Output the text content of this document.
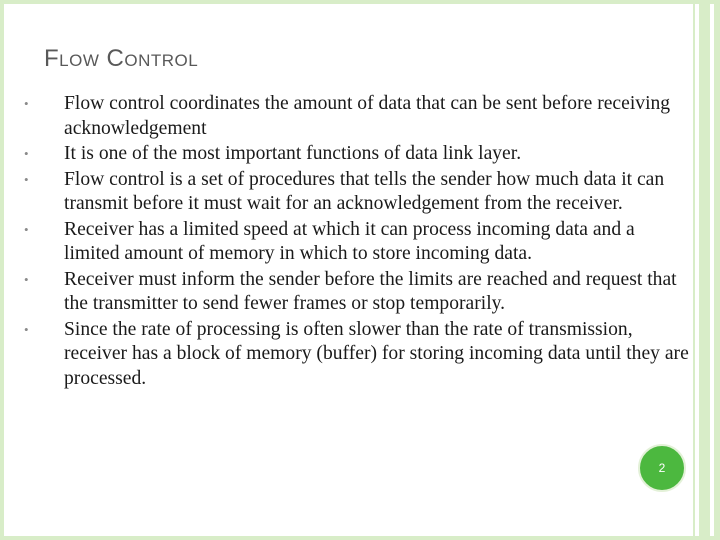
Flow Control
• Flow control coordinates the amount of data that can be sent before receiving acknowledgement
• It is one of the most important functions of data link layer.
• Flow control is a set of procedures that tells the sender how much data it can transmit before it must wait for an acknowledgement from the receiver.
• Receiver has a limited speed at which it can process incoming data and a limited amount of memory in which to store incoming data.
• Receiver must inform the sender before the limits are reached and request that the transmitter to send fewer frames or stop temporarily.
• Since the rate of processing is often slower than the rate of transmission, receiver has a block of memory (buffer) for storing incoming data until they are processed.
2
